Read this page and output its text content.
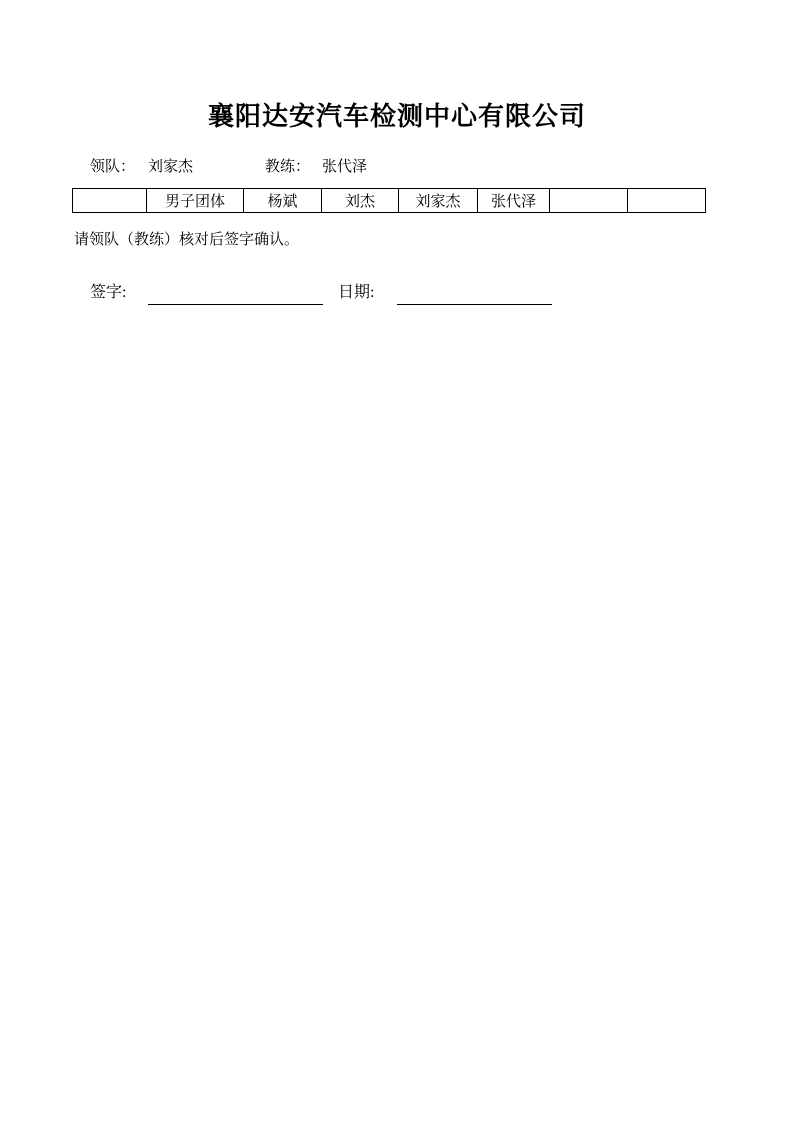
襄阳达安汽车检测中心有限公司
领队： 刘家杰	教练： 张代泽
	男子团体	杨斌	刘杰	刘家杰	张代泽		
请领队（教练）核对后签字确认。
签字:	日期:
